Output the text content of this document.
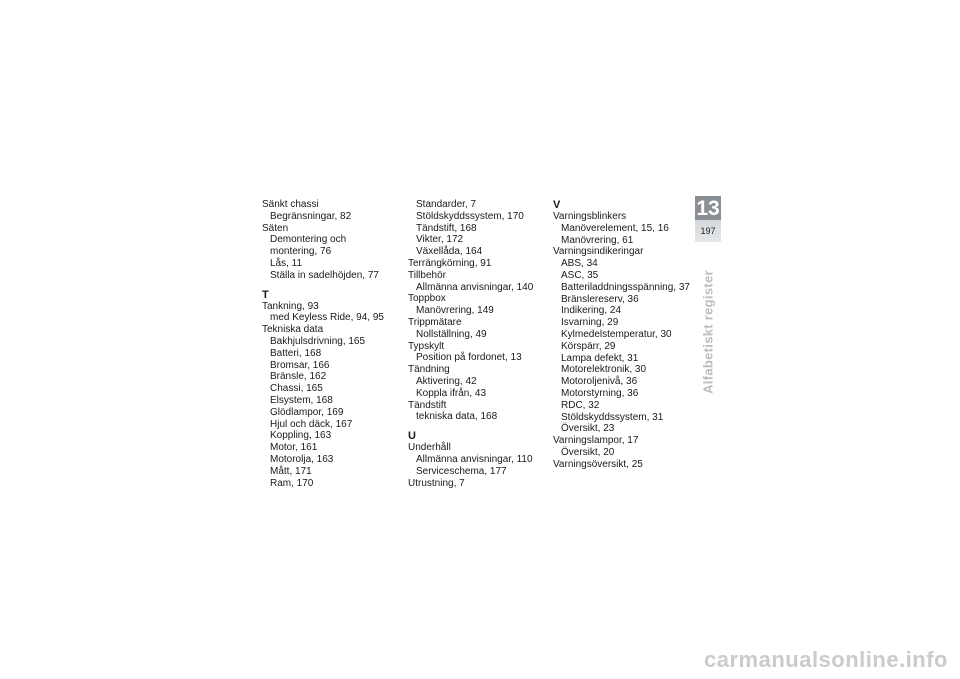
Sänkt chassi
Begränsningar, 82
Säten
Demontering och
montering, 76
Lås, 11
Ställa in sadelhöjden, 77
T
Tankning, 93
med Keyless Ride, 94, 95
Tekniska data
Bakhjulsdrivning, 165
Batteri, 168
Bromsar, 166
Bränsle, 162
Chassi, 165
Elsystem, 168
Glödlampor, 169
Hjul och däck, 167
Koppling, 163
Motor, 161
Motorolja, 163
Mått, 171
Ram, 170
Standarder, 7
Stöldskyddssystem, 170
Tändstift, 168
Vikter, 172
Växellåda, 164
Terrängkörning, 91
Tillbehör
Allmänna anvisningar, 140
Toppbox
Manövrering, 149
Trippmätare
Nollställning, 49
Typskylt
Position på fordonet, 13
Tändning
Aktivering, 42
Koppla ifrån, 43
Tändstift
tekniska data, 168
U
Underhåll
Allmänna anvisningar, 110
Serviceschema, 177
Utrustning, 7
V
Varningsblinkers
Manöverelement, 15, 16
Manövrering, 61
Varningsindikeringar
ABS, 34
ASC, 35
Batteriladdningsspänning, 37
Bränslereserv, 36
Indikering, 24
Isvarning, 29
Kylmedelstemperatur, 30
Körspärr, 29
Lampa defekt, 31
Motorelektronik, 30
Motoroljenivå, 36
Motorstyrning, 36
RDC, 32
Stöldskyddssystem, 31
Översikt, 23
Varningslampor, 17
Översikt, 20
Varningsöversikt, 25
13
197
Alfabetiskt register
carmanualsonline.info
